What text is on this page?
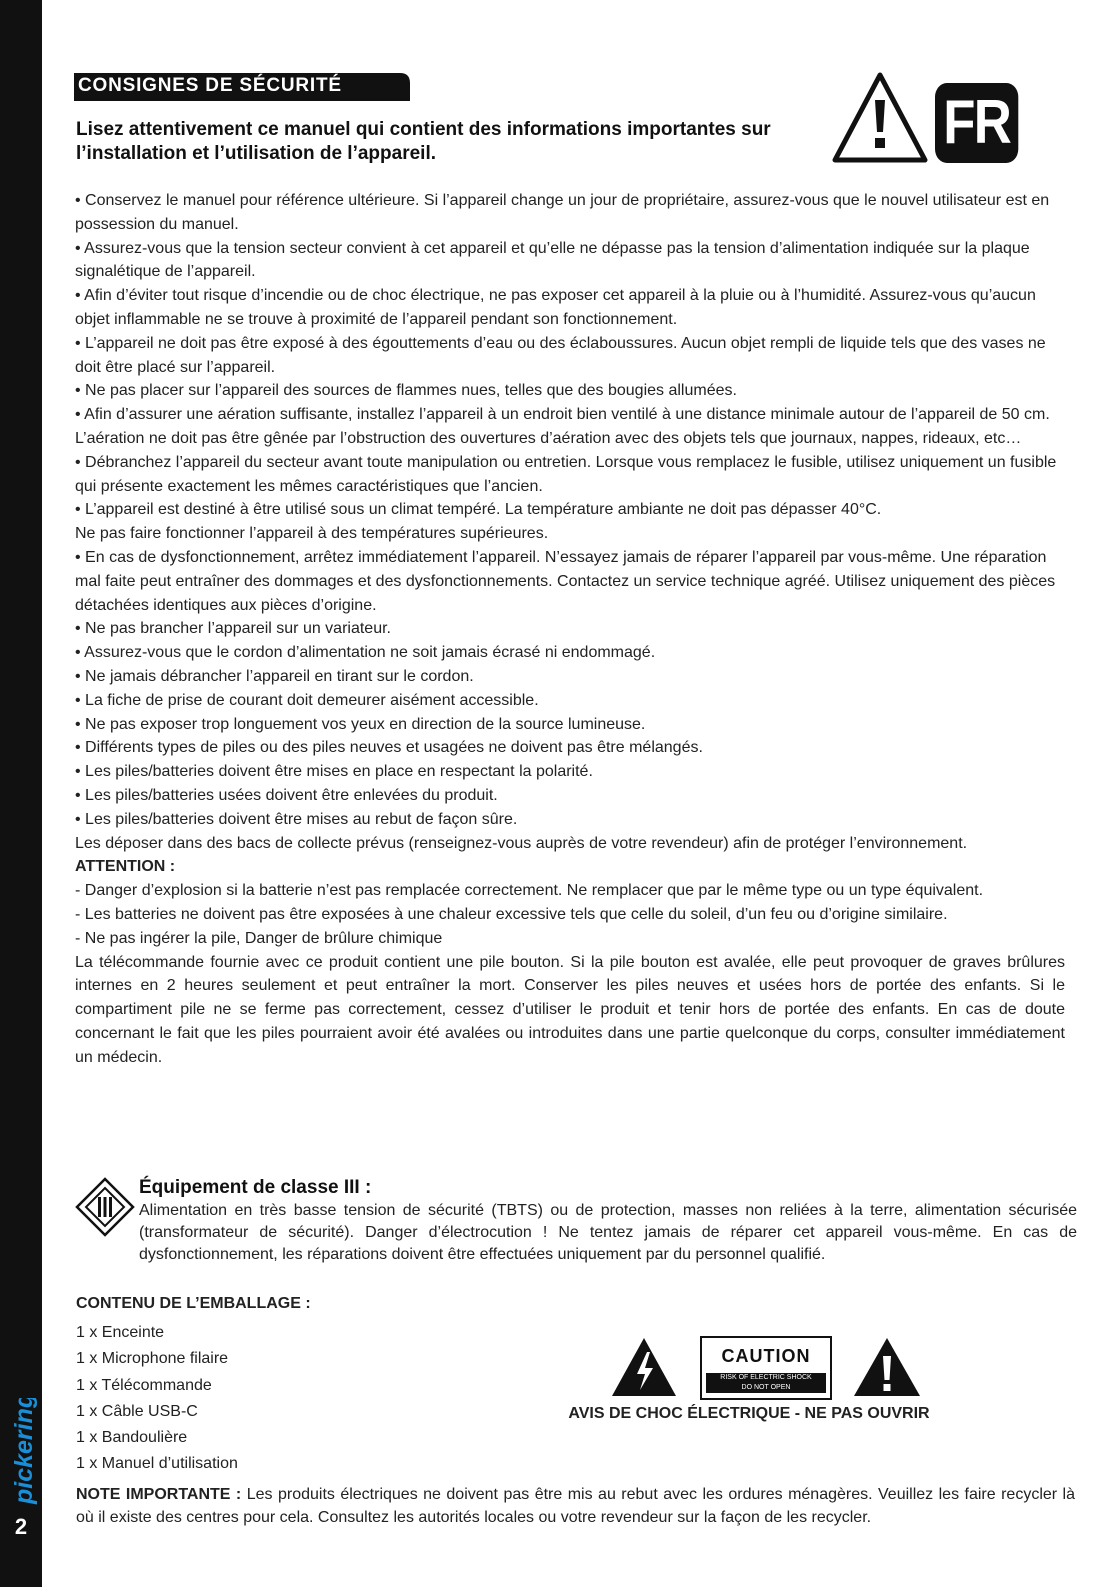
pickering
2
CONSIGNES DE SÉCURITÉ
Lisez attentivement ce manuel qui contient des informations importantes sur l’installation et l’utilisation de l’appareil.	FR

• Conservez le manuel pour référence ultérieure. Si l’appareil change un jour de propriétaire, assurez-vous que le nouvel utilisateur est en possession du manuel.

• Assurez-vous que la tension secteur convient à cet appareil et qu’elle ne dépasse pas la tension d’alimentation indiquée sur la plaque signalétique de l’appareil.

• Afin d’éviter tout risque d’incendie ou de choc électrique, ne pas exposer cet appareil à la pluie ou à l’humidité. Assurez-vous qu’aucun objet inflammable ne se trouve à proximité de l’appareil pendant son fonctionnement.

• L’appareil ne doit pas être exposé à des égouttements d’eau ou des éclaboussures. Aucun objet rempli de liquide tels que des vases ne doit être placé sur l’appareil.

• Ne pas placer sur l’appareil des sources de flammes nues, telles que des bougies allumées.

• Afin d’assurer une aération suffisante, installez l’appareil à un endroit bien ventilé à une distance minimale autour de l’appareil de 50 cm.

L’aération ne doit pas être gênée par l’obstruction des ouvertures d’aération avec des objets tels que journaux, nappes, rideaux, etc…

• Débranchez l’appareil du secteur avant toute manipulation ou entretien. Lorsque vous remplacez le fusible, utilisez uniquement un fusible qui présente exactement les mêmes caractéristiques que l’ancien.

• L’appareil est destiné à être utilisé sous un climat tempéré. La température ambiante ne doit pas dépasser 40°C.

Ne pas faire fonctionner l’appareil à des températures supérieures.

• En cas de dysfonctionnement, arrêtez immédiatement l’appareil. N’essayez jamais de réparer l’appareil par vous-même. Une réparation mal faite peut entraîner des dommages et des dysfonctionnements. Contactez un service technique agréé. Utilisez uniquement des pièces détachées identiques aux pièces d’origine.

• Ne pas brancher l’appareil sur un variateur.

• Assurez-vous que le cordon d’alimentation ne soit jamais écrasé ni endommagé.

• Ne jamais débrancher l’appareil en tirant sur le cordon.

• La fiche de prise de courant doit demeurer aisément accessible.

• Ne pas exposer trop longuement vos yeux en direction de la source lumineuse.

• Différents types de piles ou des piles neuves et usagées ne doivent pas être mélangés.

• Les piles/batteries doivent être mises en place en respectant la polarité.

• Les piles/batteries usées doivent être enlevées du produit.

• Les piles/batteries doivent être mises au rebut de façon sûre.

Les déposer dans des bacs de collecte prévus (renseignez-vous auprès de votre revendeur) afin de protéger l’environnement.

ATTENTION :

- Danger d’explosion si la batterie n’est pas remplacée correctement. Ne remplacer que par le même type ou un type équivalent.

- Les batteries ne doivent pas être exposées à une chaleur excessive tels que celle du soleil, d’un feu ou d’origine similaire.

- Ne pas ingérer la pile, Danger de brûlure chimique

La télécommande fournie avec ce produit contient une pile bouton. Si la pile bouton est avalée, elle peut provoquer de graves brûlures internes en 2 heures seulement et peut entraîner la mort. Conserver les piles neuves et usées hors de portée des enfants. Si le compartiment pile ne se ferme pas correctement, cessez d’utiliser le produit et tenir hors de portée des enfants. En cas de doute concernant le fait que les piles pourraient avoir été avalées ou introduites dans une partie quelconque du corps, consulter immédiatement un médecin.

Équipement de classe III :
Alimentation en très basse tension de sécurité (TBTS) ou de protection, masses non reliées à la terre, alimentation sécurisée (transformateur de sécurité). Danger d’électrocution ! Ne tentez jamais de réparer cet appareil vous-même. En cas de dysfonctionnement, les réparations doivent être effectuées uniquement par du personnel qualifié.
CONTENU DE L’EMBALLAGE :
1 x Enceinte
1 x Microphone filaire
1 x Télécommande
1 x Câble USB-C
1 x Bandoulière
1 x Manuel d’utilisation
CAUTION
RISK OF ELECTRIC SHOCK
DO NOT OPEN
AVIS DE CHOC ÉLECTRIQUE - NE PAS OUVRIR
NOTE IMPORTANTE : Les produits électriques ne doivent pas être mis au rebut avec les ordures ménagères. Veuillez les faire recycler là où il existe des centres pour cela. Consultez les autorités locales ou votre revendeur sur la façon de les recycler.
